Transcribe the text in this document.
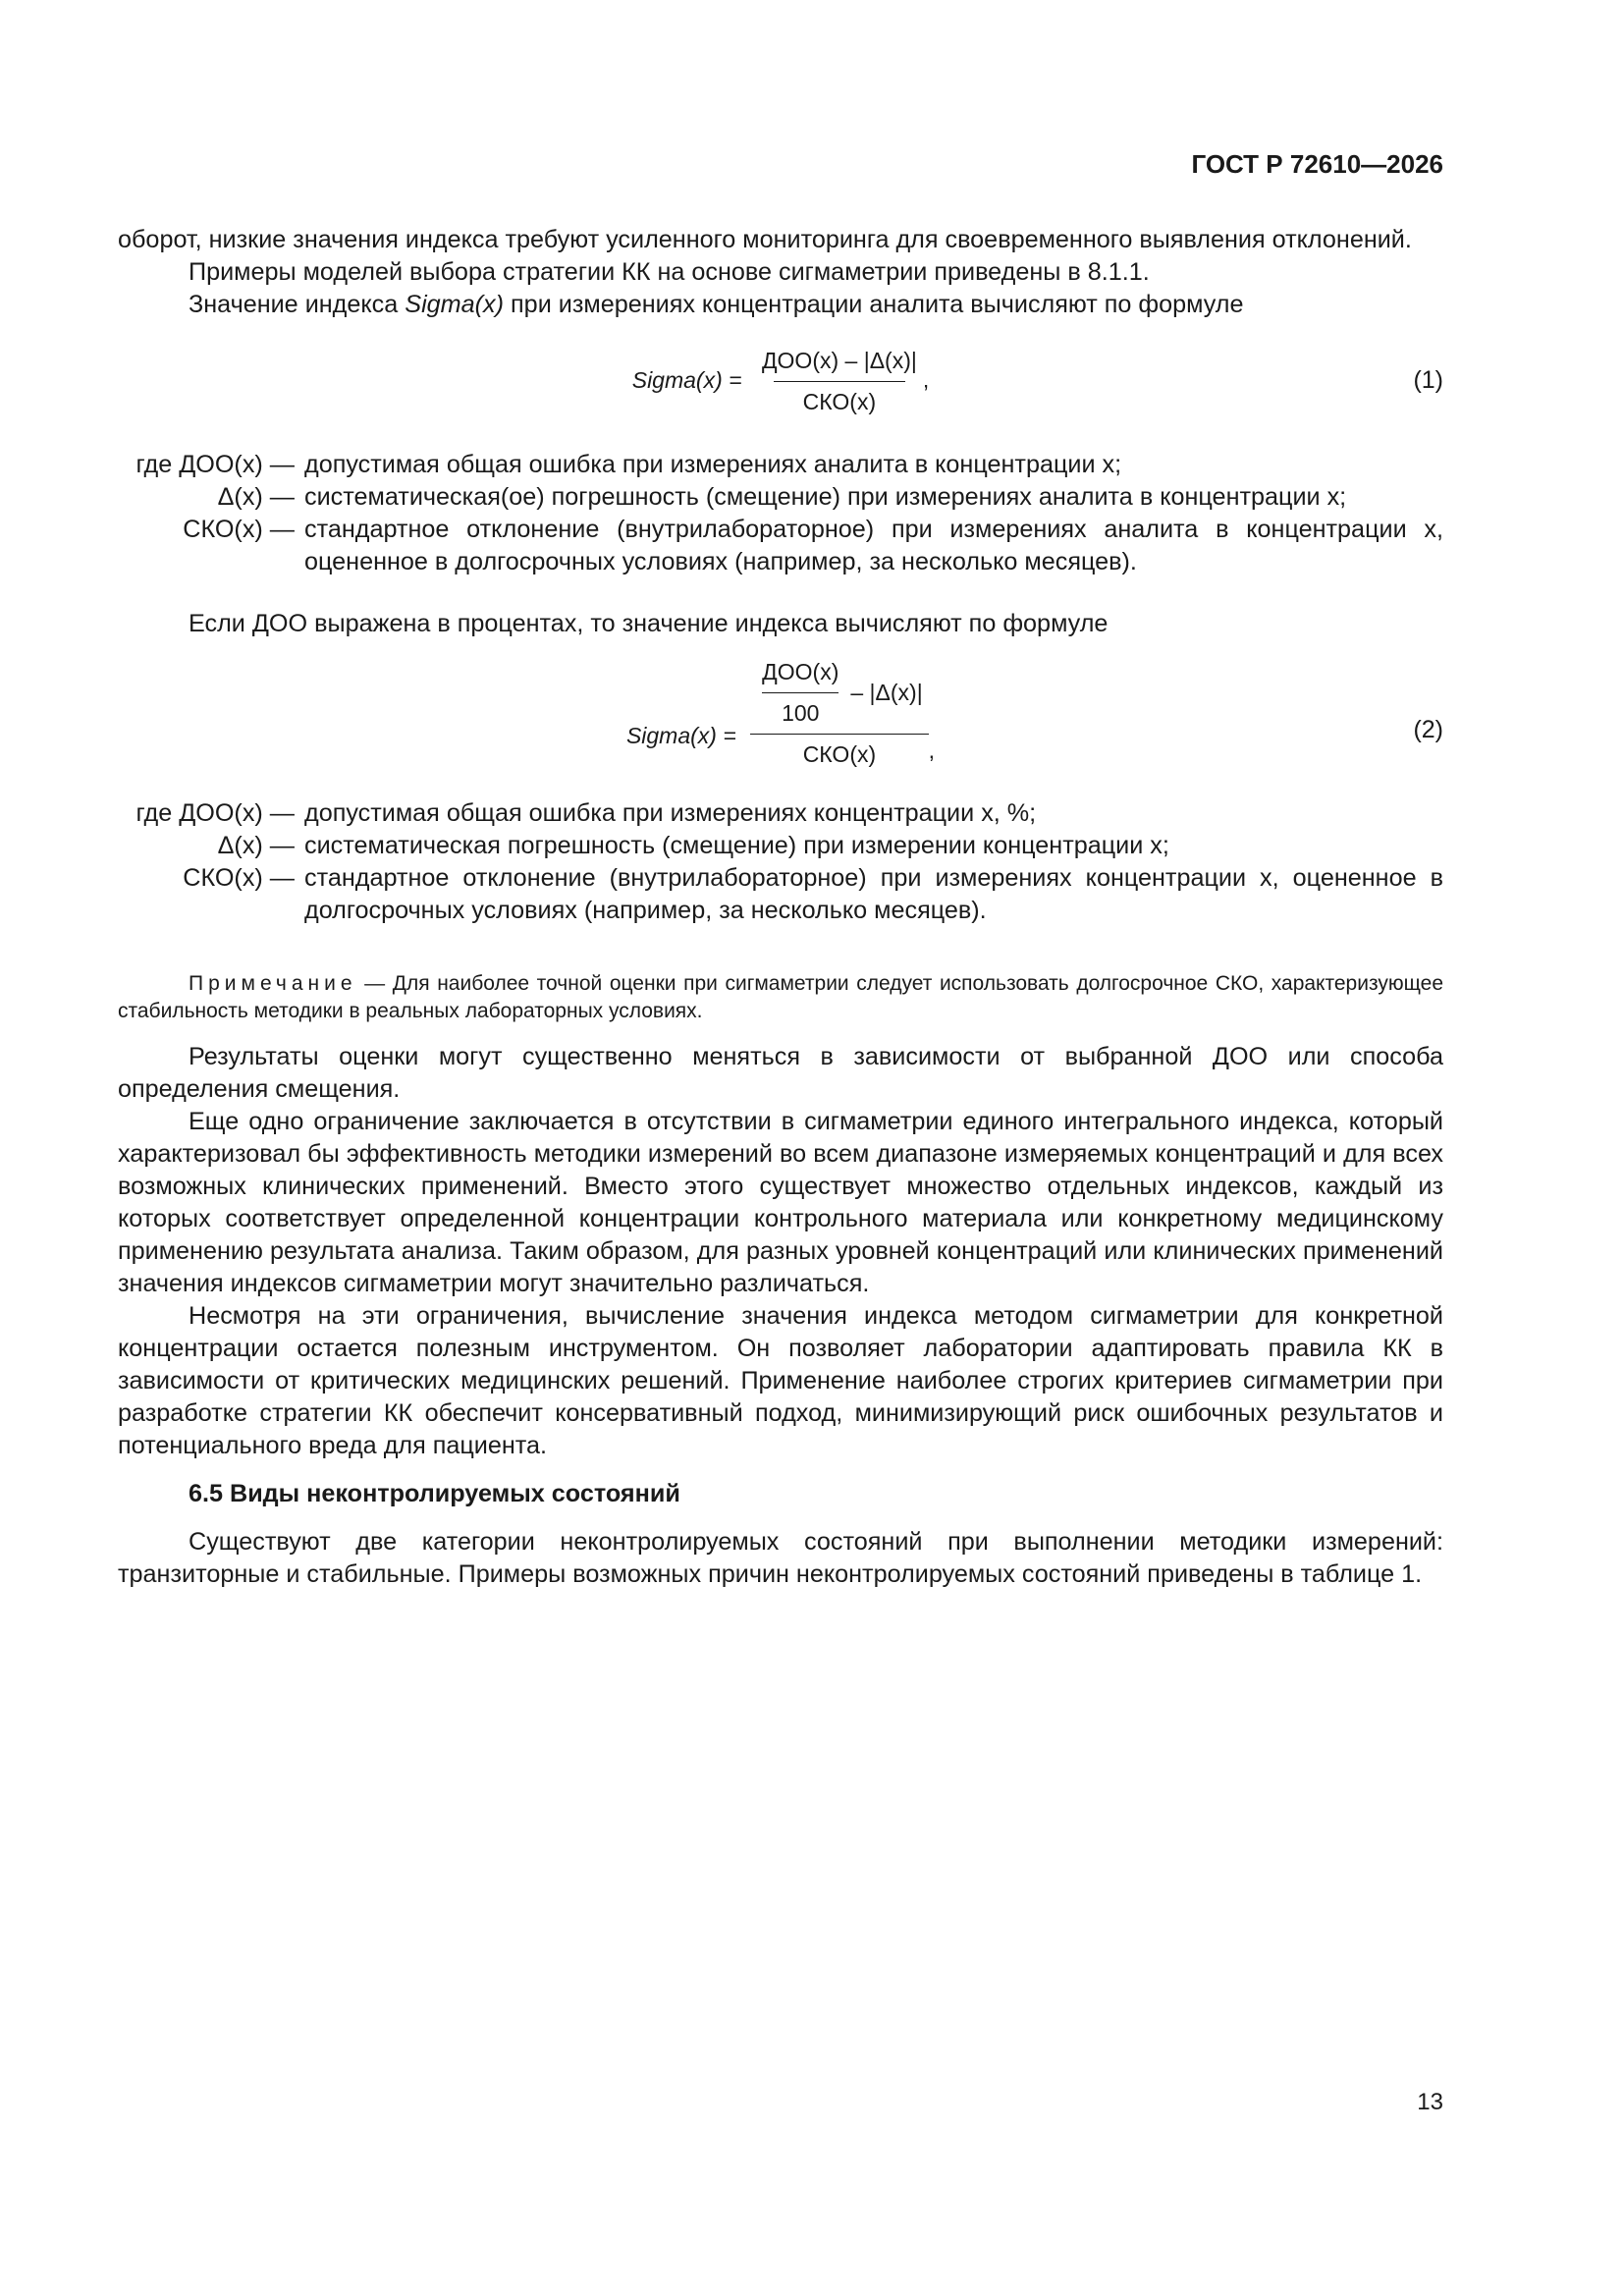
ГОСТ Р 72610—2026

оборот, низкие значения индекса требуют усиленного мониторинга для своевременного выявления отклонений.

Примеры моделей выбора стратегии КК на основе сигмаметрии приведены в 8.1.1.

Значение индекса Sigma(x) при измерениях концентрации аналита вычисляют по формуле

Sigma(x) = $\frac{\text{ДОО(x) – |Δ(x)|}}{\text{СКО(x)}}$ ,	(1)
где ДОО(x) — допустимая общая ошибка при измерениях аналита в концентрации x;
Δ(x) — систематическая(ое) погрешность (смещение) при измерениях аналита в концентрации x;
СКО(x) — стандартное отклонение (внутрилабораторное) при измерениях аналита в концентрации x, оцененное в долгосрочных условиях (например, за несколько месяцев).

Если ДОО выражена в процентах, то значение индекса вычисляют по формуле

Sigma(x) = $\frac{\frac{\text{ДОО(x)}}{100} - |\Delta(x)|}{\text{СКО(x)}}$ ,
(2)
где ДОО(x) — допустимая общая ошибка при измерениях концентрации x, %;
Δ(x) — систематическая погрешность (смещение) при измерении концентрации x;
СКО(x) — стандартное отклонение (внутрилабораторное) при измерениях концентрации x, оцененное в долгосрочных условиях (например, за несколько месяцев).

Примечание — Для наиболее точной оценки при сигмаметрии следует использовать долгосрочное СКО, характеризующее стабильность методики в реальных лабораторных условиях.

Результаты оценки могут существенно меняться в зависимости от выбранной ДОО или способа определения смещения.

Еще одно ограничение заключается в отсутствии в сигмаметрии единого интегрального индекса, который характеризовал бы эффективность методики измерений во всем диапазоне измеряемых концентраций и для всех возможных клинических применений. Вместо этого существует множество отдельных индексов, каждый из которых соответствует определенной концентрации контрольного материала или конкретному медицинскому применению результата анализа. Таким образом, для разных уровней концентраций или клинических применений значения индексов сигмаметрии могут значительно различаться.

Несмотря на эти ограничения, вычисление значения индекса методом сигмаметрии для конкретной концентрации остается полезным инструментом. Он позволяет лаборатории адаптировать правила КК в зависимости от критических медицинских решений. Применение наиболее строгих критериев сигмаметрии при разработке стратегии КК обеспечит консервативный подход, минимизирующий риск ошибочных результатов и потенциального вреда для пациента.

6.5 Виды неконтролируемых состояний

Существуют две категории неконтролируемых состояний при выполнении методики измерений: транзиторные и стабильные. Примеры возможных причин неконтролируемых состояний приведены в таблице 1.

13
